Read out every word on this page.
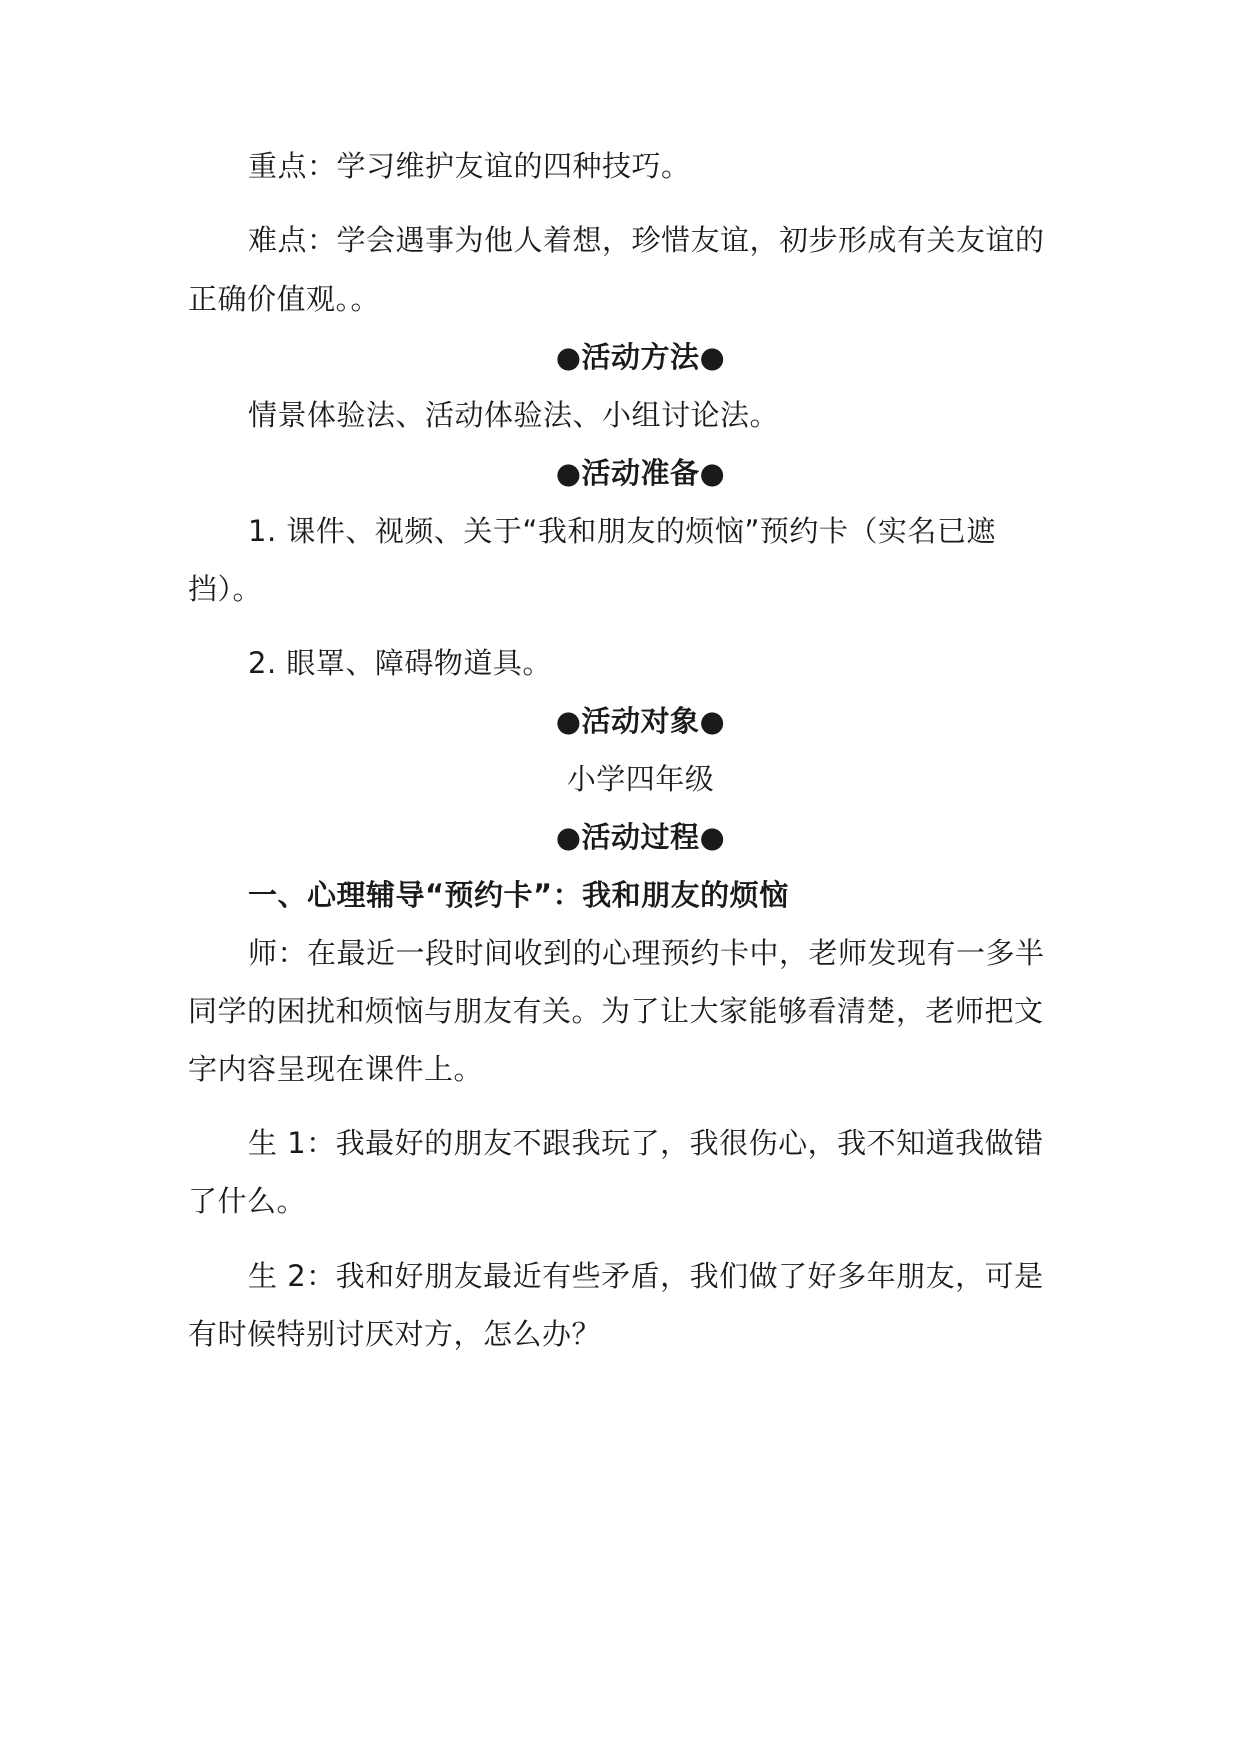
重点：学习维护友谊的四种技巧。
难点：学会遇事为他人着想，珍惜友谊，初步形成有关友谊的
正确价值观。。
●活动方法●
情景体验法、活动体验法、小组讨论法。
●活动准备●
1. 课件、视频、关于“我和朋友的烦恼”预约卡（实名已遮
挡）。
2. 眼罩、障碍物道具。
●活动对象●
小学四年级
●活动过程●
一、心理辅导“预约卡”：我和朋友的烦恼
师：在最近一段时间收到的心理预约卡中，老师发现有一多半
同学的困扰和烦恼与朋友有关。为了让大家能够看清楚，老师把文
字内容呈现在课件上。
生 1：我最好的朋友不跟我玩了，我很伤心，我不知道我做错
了什么。
生 2：我和好朋友最近有些矛盾，我们做了好多年朋友，可是
有时候特别讨厌对方，怎么办？
